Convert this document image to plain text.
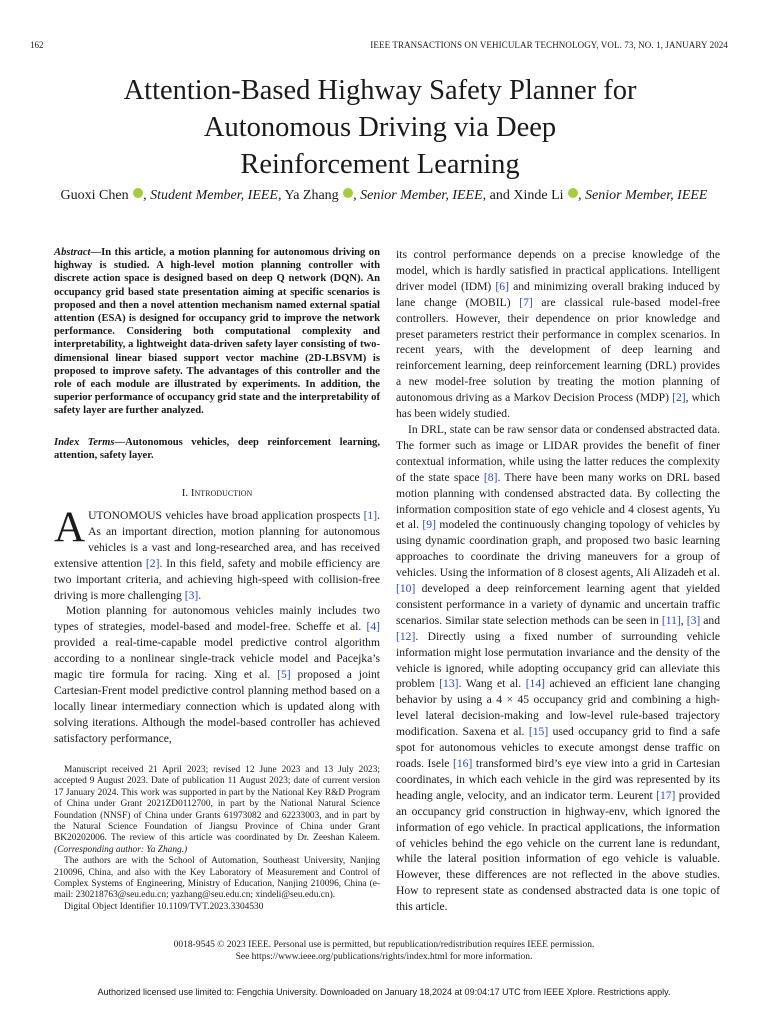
162	IEEE TRANSACTIONS ON VEHICULAR TECHNOLOGY, VOL. 73, NO. 1, JANUARY 2024
Attention-Based Highway Safety Planner for
Autonomous Driving via Deep
Reinforcement Learning
Guoxi Chen , Student Member, IEEE, Ya Zhang , Senior Member, IEEE, and Xinde Li , Senior Member, IEEE
Abstract—In this article, a motion planning for autonomous driving on highway is studied. A high-level motion planning controller with discrete action space is designed based on deep Q network (DQN). An occupancy grid based state presentation aiming at specific scenarios is proposed and then a novel attention mechanism named external spatial attention (ESA) is designed for occupancy grid to improve the network performance. Considering both computational complexity and interpretability, a lightweight data-driven safety layer consisting of two-dimensional linear biased support vector machine (2D-LBSVM) is proposed to improve safety. The advantages of this controller and the role of each module are illustrated by experiments. In addition, the superior performance of occupancy grid state and the interpretability of safety layer are further analyzed.
Index Terms—Autonomous vehicles, deep reinforcement learning, attention, safety layer.
I. Introduction

AUTONOMOUS vehicles have broad application prospects [1]. As an important direction, motion planning for autonomous vehicles is a vast and long-researched area, and has received extensive attention [2]. In this field, safety and mobile efficiency are two important criteria, and achieving high-speed with collision-free driving is more challenging [3].

Motion planning for autonomous vehicles mainly includes two types of strategies, model-based and model-free. Scheffe et al. [4] provided a real-time-capable model predictive control algorithm according to a nonlinear single-track vehicle model and Pacejka’s magic tire formula for racing. Xing et al. [5] proposed a joint Cartesian-Frent model predictive control planning method based on a locally linear intermediary connection which is updated along with solving iterations. Although the model-based controller has achieved satisfactory performance,

Manuscript received 21 April 2023; revised 12 June 2023 and 13 July 2023; accepted 9 August 2023. Date of publication 11 August 2023; date of current version 17 January 2024. This work was supported in part by the National Key R&D Program of China under Grant 2021ZD0112700, in part by the National Natural Science Foundation (NNSF) of China under Grants 61973082 and 62233003, and in part by the Natural Science Foundation of Jiangsu Province of China under Grant BK20202006. The review of this article was coordinated by Dr. Zeeshan Kaleem. (Corresponding author: Ya Zhang.)

The authors are with the School of Automation, Southeast University, Nanjing 210096, China, and also with the Key Laboratory of Measurement and Control of Complex Systems of Engineering, Ministry of Education, Nanjing 210096, China (e-mail: 230218763@seu.edu.cn; yazhang@seu.edu.cn; xindeli@seu.edu.cn).

Digital Object Identifier 10.1109/TVT.2023.3304530

its control performance depends on a precise knowledge of the model, which is hardly satisfied in practical applications. Intelligent driver model (IDM) [6] and minimizing overall braking induced by lane change (MOBIL) [7] are classical rule-based model-free controllers. However, their dependence on prior knowledge and preset parameters restrict their performance in complex scenarios. In recent years, with the development of deep learning and reinforcement learning, deep reinforcement learning (DRL) provides a new model-free solution by treating the motion planning of autonomous driving as a Markov Decision Process (MDP) [2], which has been widely studied.

In DRL, state can be raw sensor data or condensed abstracted data. The former such as image or LIDAR provides the benefit of finer contextual information, while using the latter reduces the complexity of the state space [8]. There have been many works on DRL based motion planning with condensed abstracted data. By collecting the information composition state of ego vehicle and 4 closest agents, Yu et al. [9] modeled the continuously changing topology of vehicles by using dynamic coordination graph, and proposed two basic learning approaches to coordinate the driving maneuvers for a group of vehicles. Using the information of 8 closest agents, Ali Alizadeh et al. [10] developed a deep reinforcement learning agent that yielded consistent performance in a variety of dynamic and uncertain traffic scenarios. Similar state selection methods can be seen in [11], [3] and [12]. Directly using a fixed number of surrounding vehicle information might lose permutation invariance and the density of the vehicle is ignored, while adopting occupancy grid can alleviate this problem [13]. Wang et al. [14] achieved an efficient lane changing behavior by using a 4 × 45 occupancy grid and combining a high-level lateral decision-making and low-level rule-based trajectory modification. Saxena et al. [15] used occupancy grid to find a safe spot for autonomous vehicles to execute amongst dense traffic on roads. Isele [16] transformed bird’s eye view into a grid in Cartesian coordinates, in which each vehicle in the gird was represented by its heading angle, velocity, and an indicator term. Leurent [17] provided an occupancy grid construction in highway-env, which ignored the information of ego vehicle. In practical applications, the information of vehicles behind the ego vehicle on the current lane is redundant, while the lateral position information of ego vehicle is valuable. However, these differences are not reflected in the above studies. How to represent state as condensed abstracted data is one topic of this article.

0018-9545 © 2023 IEEE. Personal use is permitted, but republication/redistribution requires IEEE permission.
See https://www.ieee.org/publications/rights/index.html for more information.
Authorized licensed use limited to: Fengchia University. Downloaded on January 18,2024 at 09:04:17 UTC from IEEE Xplore. Restrictions apply.
